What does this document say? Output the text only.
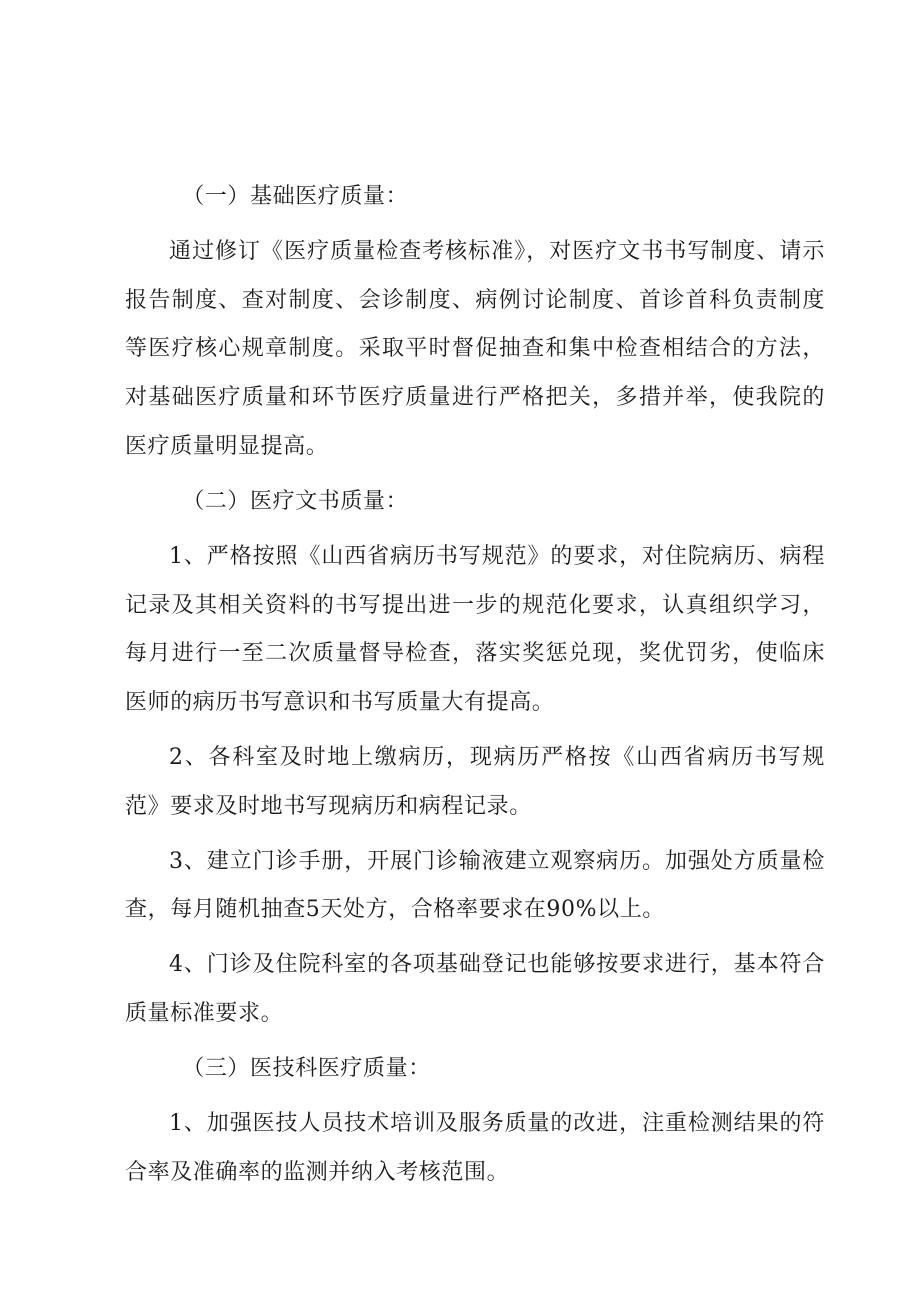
（一）基础医疗质量：

通过修订《医疗质量检查考核标准》，对医疗文书书写制度、请示报告制度、查对制度、会诊制度、病例讨论制度、首诊首科负责制度等医疗核心规章制度。采取平时督促抽查和集中检查相结合的方法，对基础医疗质量和环节医疗质量进行严格把关，多措并举，使我院的医疗质量明显提高。

（二）医疗文书质量：

1、严格按照《山西省病历书写规范》的要求，对住院病历、病程记录及其相关资料的书写提出进一步的规范化要求，认真组织学习，每月进行一至二次质量督导检查，落实奖惩兑现，奖优罚劣，使临床医师的病历书写意识和书写质量大有提高。

2、各科室及时地上缴病历，现病历严格按《山西省病历书写规范》要求及时地书写现病历和病程记录。

3、建立门诊手册，开展门诊输液建立观察病历。加强处方质量检查，每月随机抽查5天处方，合格率要求在90%以上。

4、门诊及住院科室的各项基础登记也能够按要求进行，基本符合质量标准要求。

（三）医技科医疗质量：

1、加强医技人员技术培训及服务质量的改进，注重检测结果的符合率及准确率的监测并纳入考核范围。
